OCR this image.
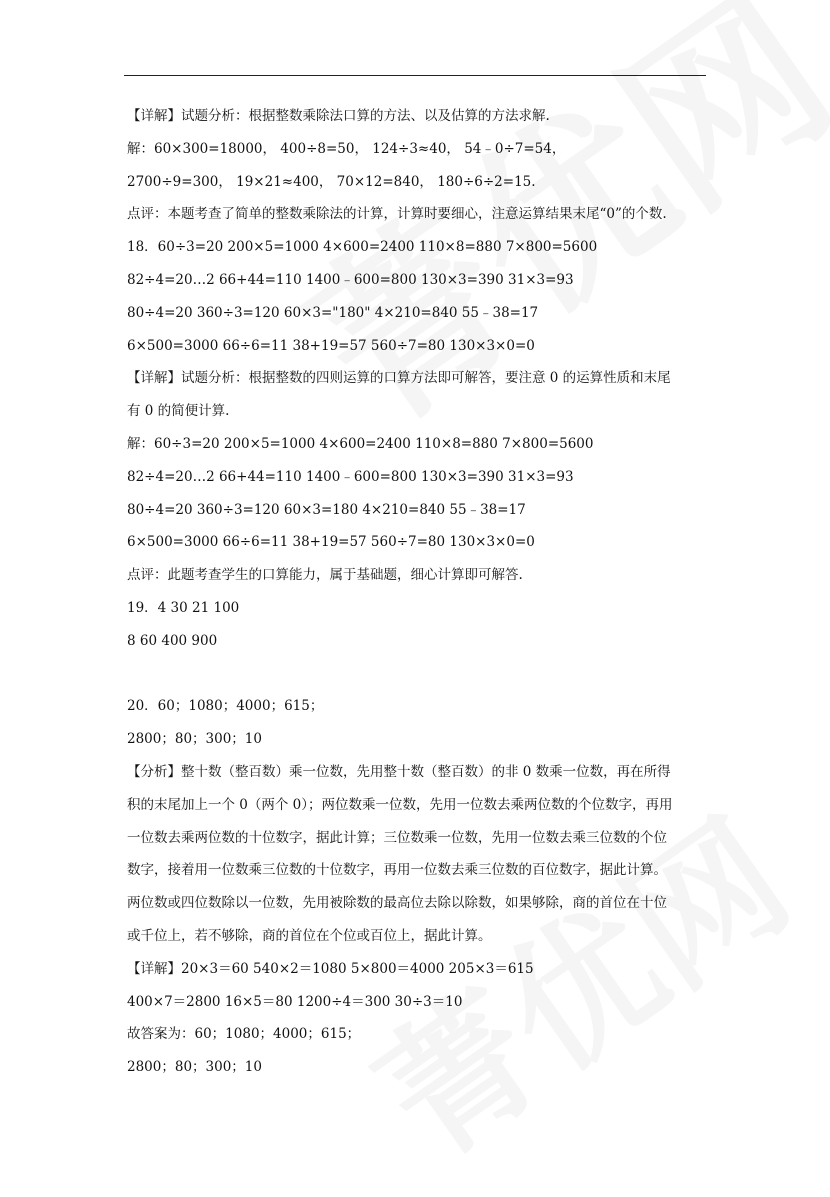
【详解】试题分析：根据整数乘除法口算的方法、以及估算的方法求解.
解：60×300=18000， 400÷8=50， 124÷3≈40， 54﹣0÷7=54，
2700÷9=300， 19×21≈400， 70×12=840， 180÷6÷2=15.
点评：本题考查了简单的整数乘除法的计算，计算时要细心，注意运算结果末尾“0”的个数.
18．60÷3=20 200×5=1000 4×600=2400 110×8=880 7×800=5600
82÷4=20…2 66+44=110 1400﹣600=800 130×3=390 31×3=93
80÷4=20 360÷3=120 60×3="180" 4×210=840 55﹣38=17
6×500=3000 66÷6=11 38+19=57 560÷7=80 130×3×0=0
【详解】试题分析：根据整数的四则运算的口算方法即可解答，要注意 0 的运算性质和末尾
有 0 的简便计算.
解：60÷3=20 200×5=1000 4×600=2400 110×8=880 7×800=5600
82÷4=20…2 66+44=110 1400﹣600=800 130×3=390 31×3=93
80÷4=20 360÷3=120 60×3=180 4×210=840 55﹣38=17
6×500=3000 66÷6=11 38+19=57 560÷7=80 130×3×0=0
点评：此题考查学生的口算能力，属于基础题，细心计算即可解答.
19．4 30 21 100
8 60 400 900
20．60；1080；4000；615；
2800；80；300；10
【分析】整十数（整百数）乘一位数，先用整十数（整百数）的非 0 数乘一位数，再在所得
积的末尾加上一个 0（两个 0）；两位数乘一位数，先用一位数去乘两位数的个位数字，再用
一位数去乘两位数的十位数字，据此计算；三位数乘一位数，先用一位数去乘三位数的个位
数字，接着用一位数乘三位数的十位数字，再用一位数去乘三位数的百位数字，据此计算。
两位数或四位数除以一位数，先用被除数的最高位去除以除数，如果够除，商的首位在十位
或千位上，若不够除，商的首位在个位或百位上，据此计算。
【详解】20×3＝60 540×2＝1080 5×800＝4000 205×3＝615
400×7＝2800 16×5＝80 1200÷4＝300 30÷3＝10
故答案为：60；1080；4000；615；
2800；80；300；10
